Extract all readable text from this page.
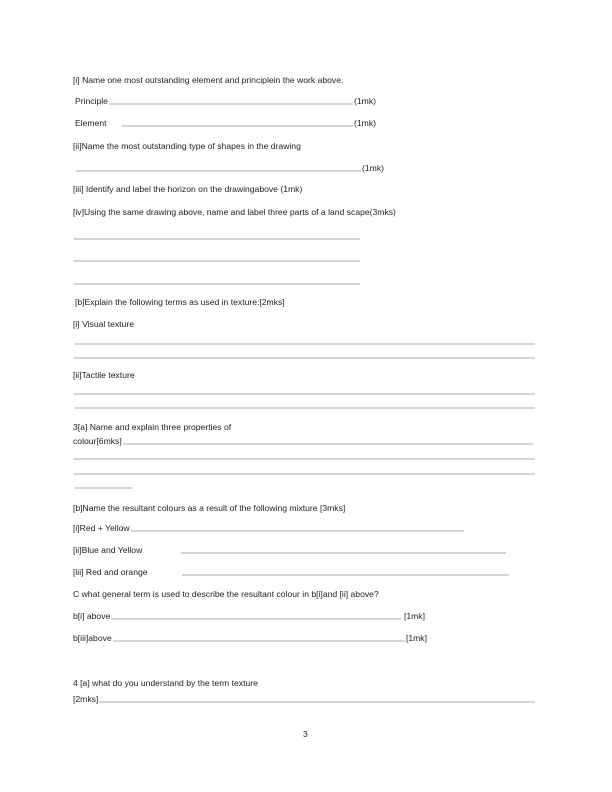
[i] Name one most outstanding element and principlein the work above.
Principle	(1mk)
Element	(1mk)
[ii]Name the most outstanding type of shapes in the drawing
(1mk)
[iii] Identify and label the horizon on the drawingabove (1mk)
[iv]Using the same drawing above, name and label three parts of a land scape(3mks)
[b]Explain the following terms as used in texture:[2mks]
[i] Visual texture
[ii]Tactile texture
3[a] Name and explain three properties of
colour[6mks]
[b]Name the resultant colours as a result of the following mixture [3mks]
[i]Red + Yellow
[ii]Blue and Yellow
[iii] Red and orange
C what general term is used to describe the resultant colour in b[i]and [ii] above?
b[i] above	[1mk]
b[iii]above	[1mk]
4 [a] what do you understand by the term texture
[2mks]
3
